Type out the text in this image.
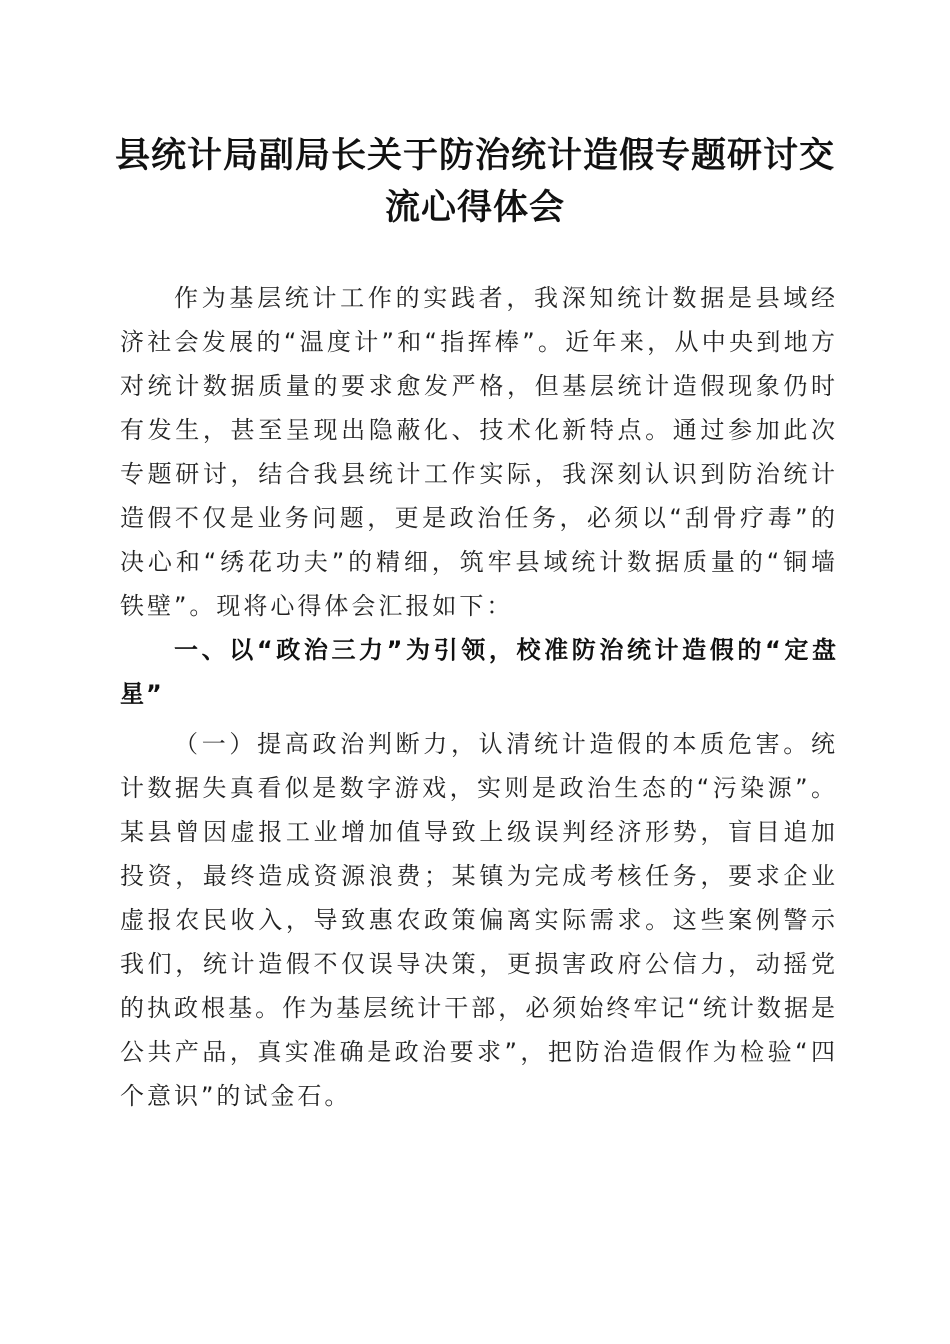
县统计局副局长关于防治统计造假专题研讨交流心得体会
作为基层统计工作的实践者，我深知统计数据是县域经济社会发展的“温度计”和“指挥棒”。近年来，从中央到地方对统计数据质量的要求愈发严格，但基层统计造假现象仍时有发生，甚至呈现出隐蔽化、技术化新特点。通过参加此次专题研讨，结合我县统计工作实际，我深刻认识到防治统计造假不仅是业务问题，更是政治任务，必须以“刮骨疗毒”的决心和“绣花功夫”的精细，筑牢县域统计数据质量的“铜墙铁壁”。现将心得体会汇报如下：
一、以“政治三力”为引领，校准防治统计造假的“定盘星”
（一）提高政治判断力，认清统计造假的本质危害。统计数据失真看似是数字游戏，实则是政治生态的“污染源”。某县曾因虚报工业增加值导致上级误判经济形势，盲目追加投资，最终造成资源浪费；某镇为完成考核任务，要求企业虚报农民收入，导致惠农政策偏离实际需求。这些案例警示我们，统计造假不仅误导决策，更损害政府公信力，动摇党的执政根基。作为基层统计干部，必须始终牢记“统计数据是公共产品，真实准确是政治要求”，把防治造假作为检验“四个意识”的试金石。
